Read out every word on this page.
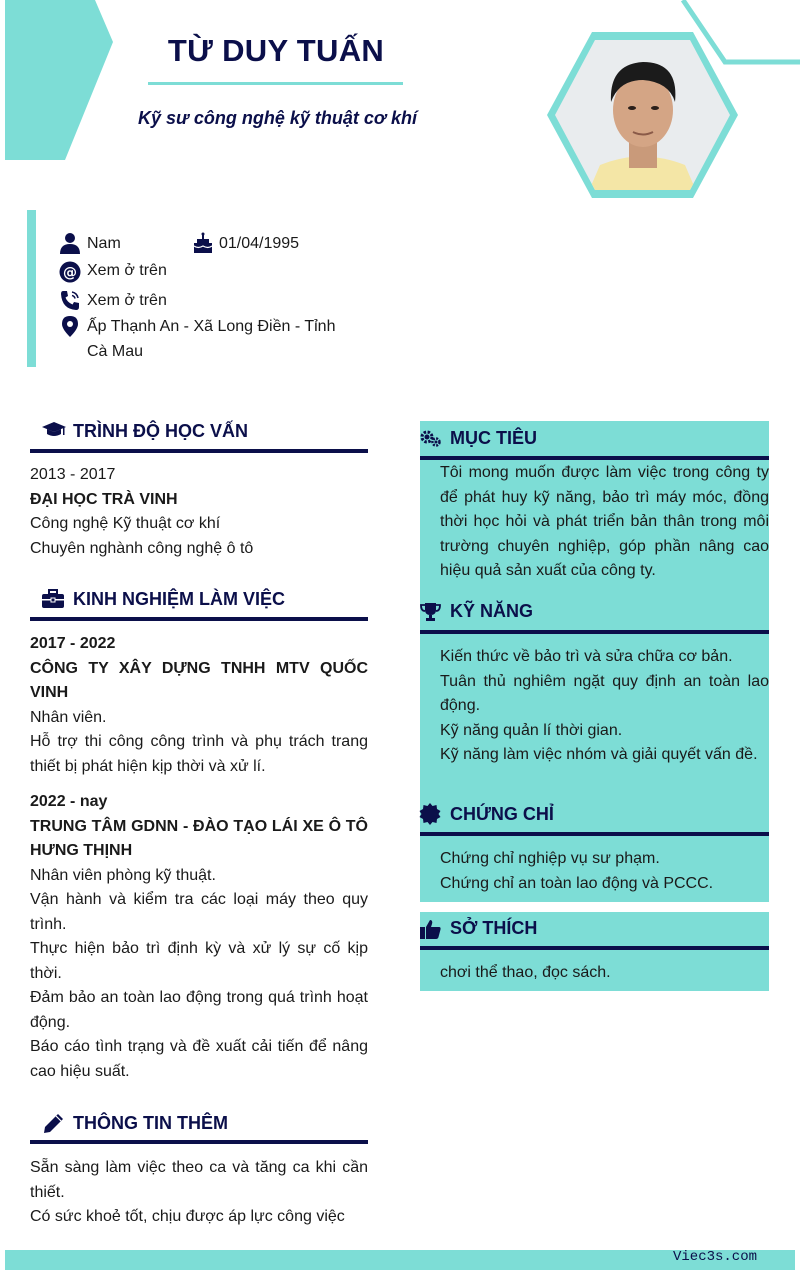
TỪ DUY TUẤN
Kỹ sư công nghệ kỹ thuật cơ khí
Nam	01/04/1995
@ Xem ở trên
Xem ở trên
Ấp Thạnh An - Xã Long Điền - Tỉnh
Cà Mau
TRÌNH ĐỘ HỌC VẤN
2013 - 2017
ĐẠI HỌC TRÀ VINH
Công nghệ Kỹ thuật cơ khí
Chuyên nghành công nghệ ô tô
KINH NGHIỆM LÀM VIỆC
2017 - 2022
CÔNG TY XÂY DỰNG TNHH MTV QUỐC VINH
Nhân viên.
Hỗ trợ thi công công trình và phụ trách trang thiết bị phát hiện kịp thời và xử lí.
2022 - nay
TRUNG TÂM GDNN - ĐÀO TẠO LÁI XE Ô TÔ HƯNG THỊNH
Nhân viên phòng kỹ thuật.
Vận hành và kiểm tra các loại máy theo quy trình.
Thực hiện bảo trì định kỳ và xử lý sự cố kịp thời.
Đảm bảo an toàn lao động trong quá trình hoạt động.
Báo cáo tình trạng và đề xuất cải tiến để nâng cao hiệu suất.
THÔNG TIN THÊM
Sẵn sàng làm việc theo ca và tăng ca khi cần thiết.
Có sức khoẻ tốt, chịu được áp lực công việc
MỤC TIÊU
Tôi mong muốn được làm việc trong công ty để phát huy kỹ năng, bảo trì máy móc, đồng thời học hỏi và phát triển bản thân trong môi trường chuyên nghiệp, góp phần nâng cao hiệu quả sản xuất của công ty.
KỸ NĂNG
Kiến thức về bảo trì và sửa chữa cơ bản.
Tuân thủ nghiêm ngặt quy định an toàn lao động.
Kỹ năng quản lí thời gian.
Kỹ năng làm việc nhóm và giải quyết vấn đề.
CHỨNG CHỈ
Chứng chỉ nghiệp vụ sư phạm.
Chứng chỉ an toàn lao động và PCCC.
SỞ THÍCH
chơi thể thao, đọc sách.
Viec3s.com
